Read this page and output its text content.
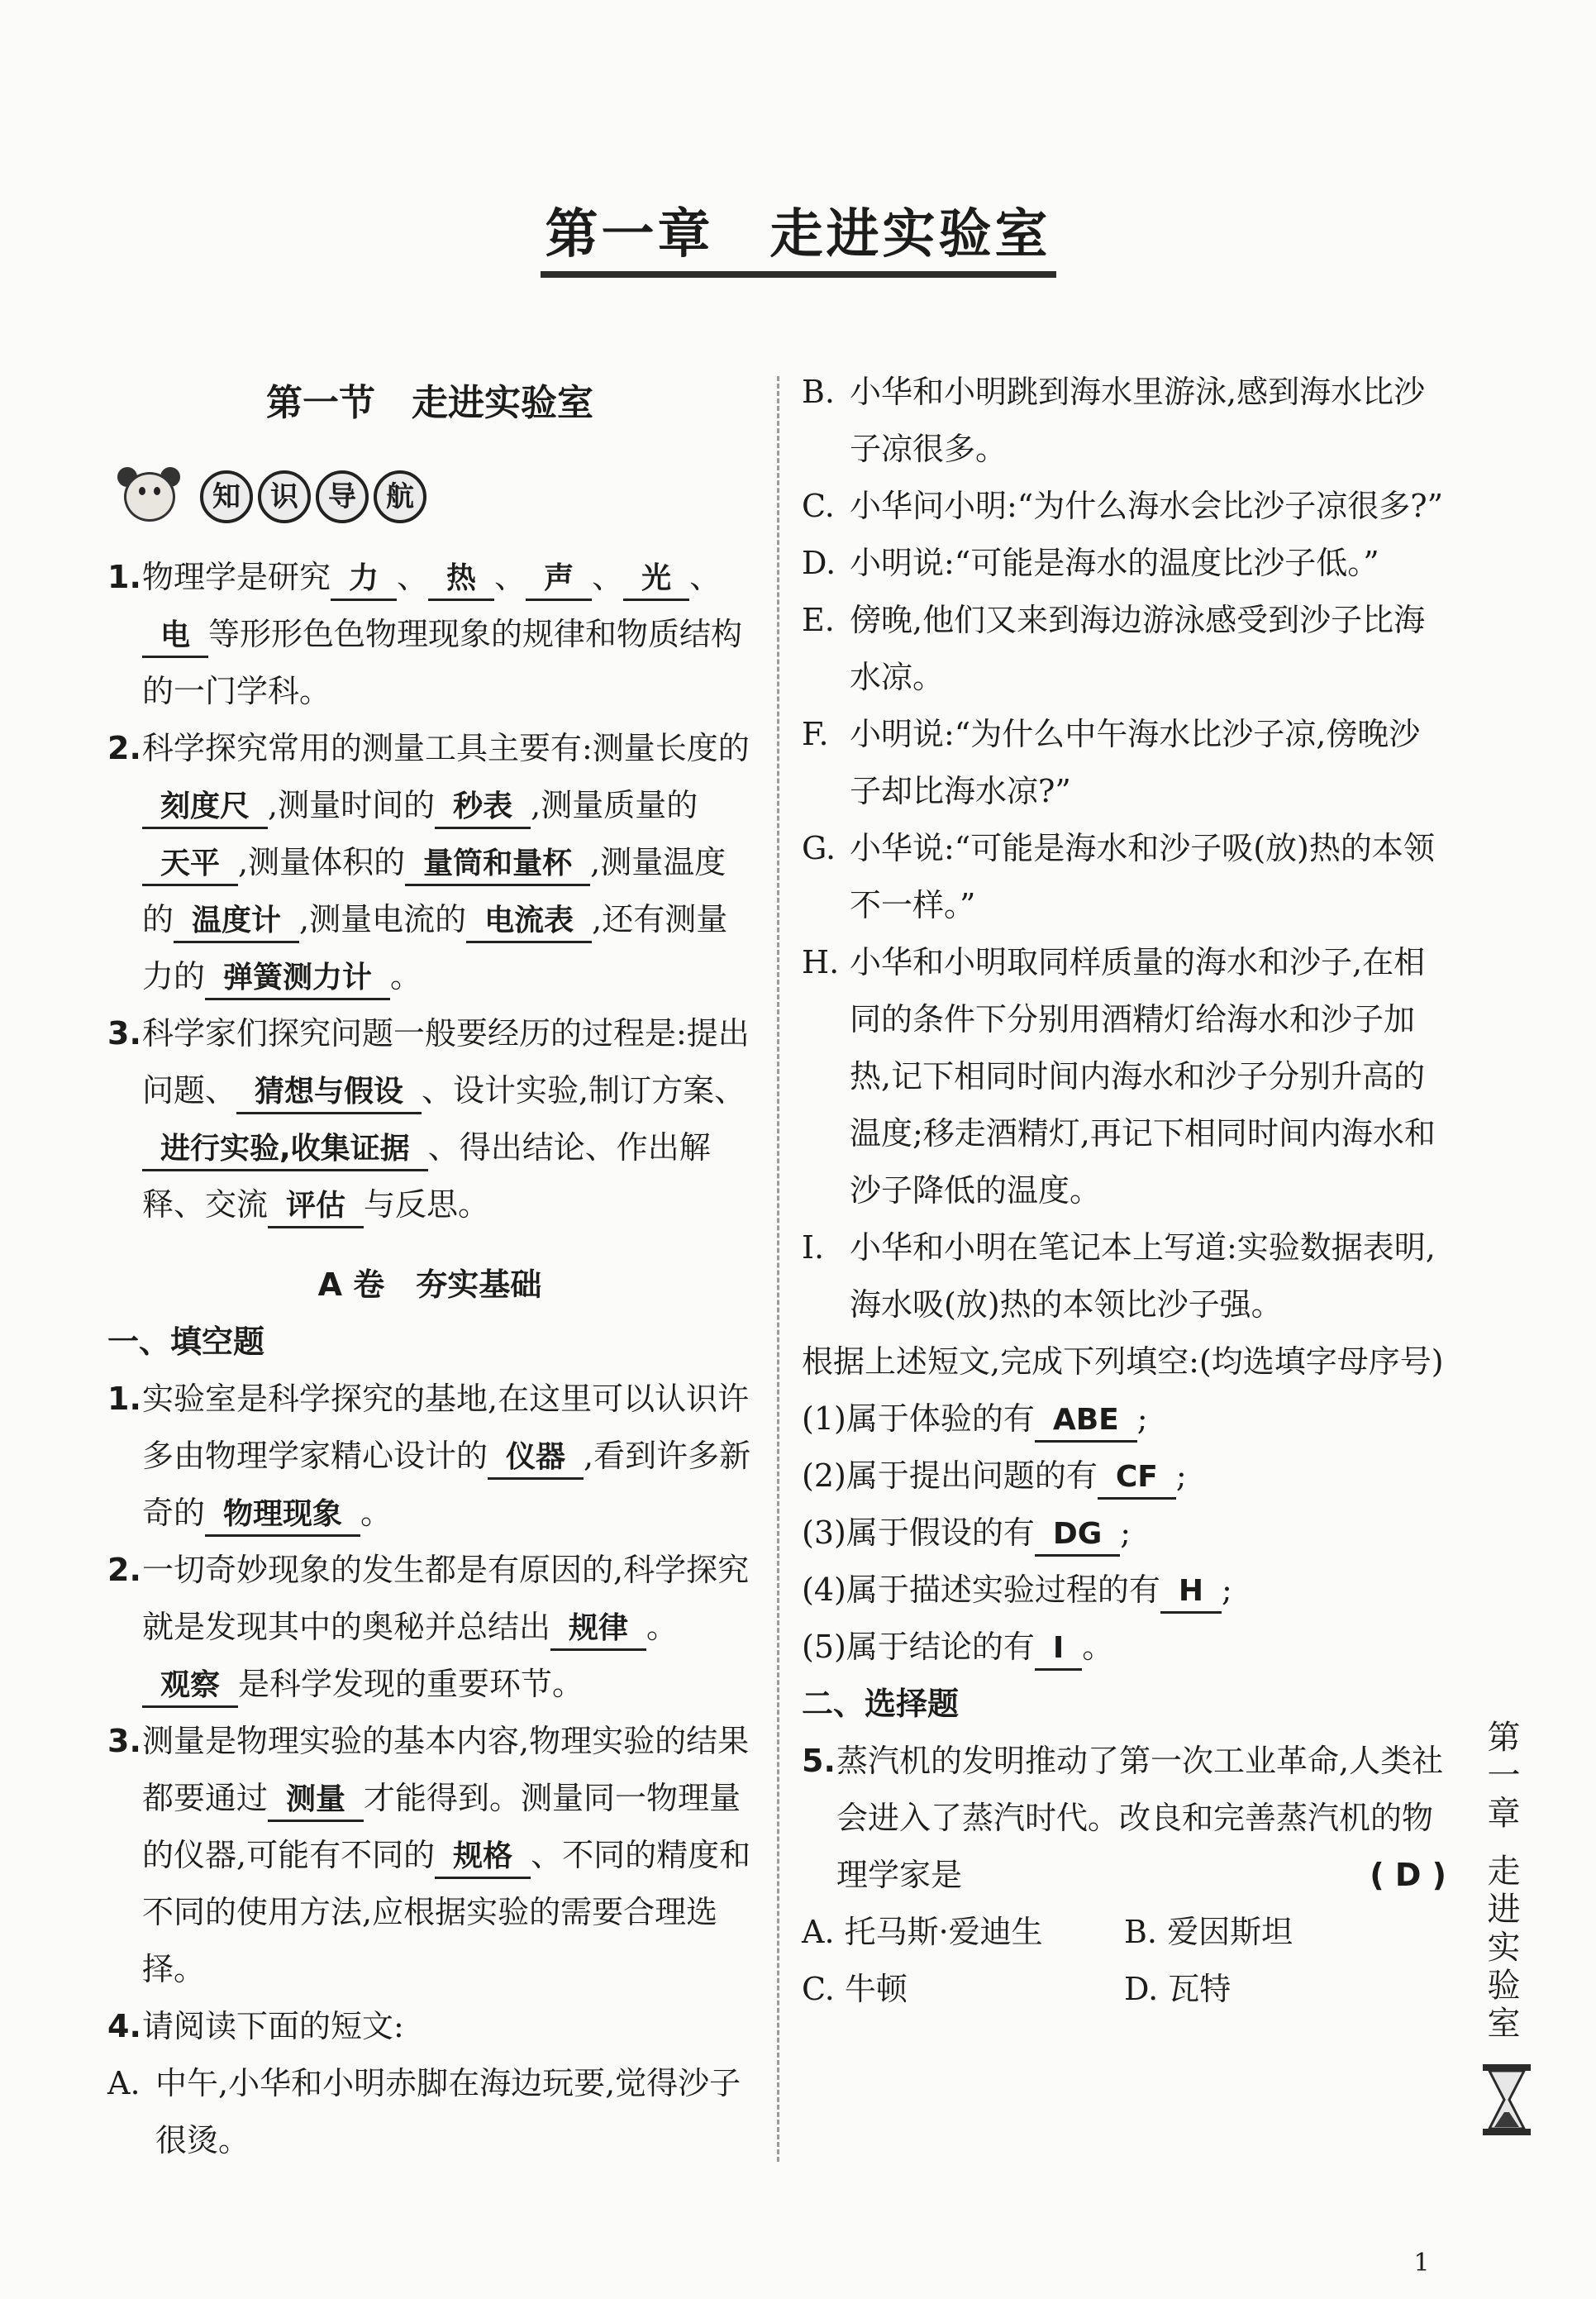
第一章　走进实验室
第一节　走进实验室
知	识	导	航
1. 物理学是研究 力 、 热 、 声 、 光 、电 等形形色色物理现象的规律和物质结构的一门学科。
2. 科学探究常用的测量工具主要有:测量长度的刻度尺 ,测量时间的 秒表 ,测量质量的天平 ,测量体积的 量筒和量杯 ,测量温度的 温度计 ,测量电流的 电流表 ,还有测量力的 弹簧测力计 。
3. 科学家们探究问题一般要经历的过程是:提出问题、 猜想与假设 、设计实验,制订方案、进行实验,收集证据 、得出结论、作出解释、交流 评估 与反思。
A 卷　夯实基础
一、填空题
1. 实验室是科学探究的基地,在这里可以认识许多由物理学家精心设计的 仪器 ,看到许多新奇的 物理现象 。
2. 一切奇妙现象的发生都是有原因的,科学探究就是发现其中的奥秘并总结出 规律 。观察 是科学发现的重要环节。
3. 测量是物理实验的基本内容,物理实验的结果都要通过 测量 才能得到。测量同一物理量的仪器,可能有不同的 规格 、不同的精度和不同的使用方法,应根据实验的需要合理选择。
4. 请阅读下面的短文:
A. 中午,小华和小明赤脚在海边玩要,觉得沙子很烫。
B. 小华和小明跳到海水里游泳,感到海水比沙子凉很多。
C. 小华问小明:“为什么海水会比沙子凉很多?”
D. 小明说:“可能是海水的温度比沙子低。”
E. 傍晚,他们又来到海边游泳感受到沙子比海水凉。
F. 小明说:“为什么中午海水比沙子凉,傍晚沙子却比海水凉?”
G. 小华说:“可能是海水和沙子吸(放)热的本领不一样。”
H. 小华和小明取同样质量的海水和沙子,在相同的条件下分别用酒精灯给海水和沙子加热,记下相同时间内海水和沙子分别升高的温度;移走酒精灯,再记下相同时间内海水和沙子降低的温度。
I. 小华和小明在笔记本上写道:实验数据表明,海水吸(放)热的本领比沙子强。
根据上述短文,完成下列填空:(均选填字母序号)
(1)属于体验的有 ABE ;
(2)属于提出问题的有 CF ;
(3)属于假设的有 DG ;
(4)属于描述实验过程的有 H ;
(5)属于结论的有 I 。
二、选择题
5. 蒸汽机的发明推动了第一次工业革命,人类社会进入了蒸汽时代。改良和完善蒸汽机的物理学家是	( D )
A. 托马斯·爱迪生	B. 爱因斯坦
C. 牛顿	D. 瓦特
第一章
走进实验室
1
